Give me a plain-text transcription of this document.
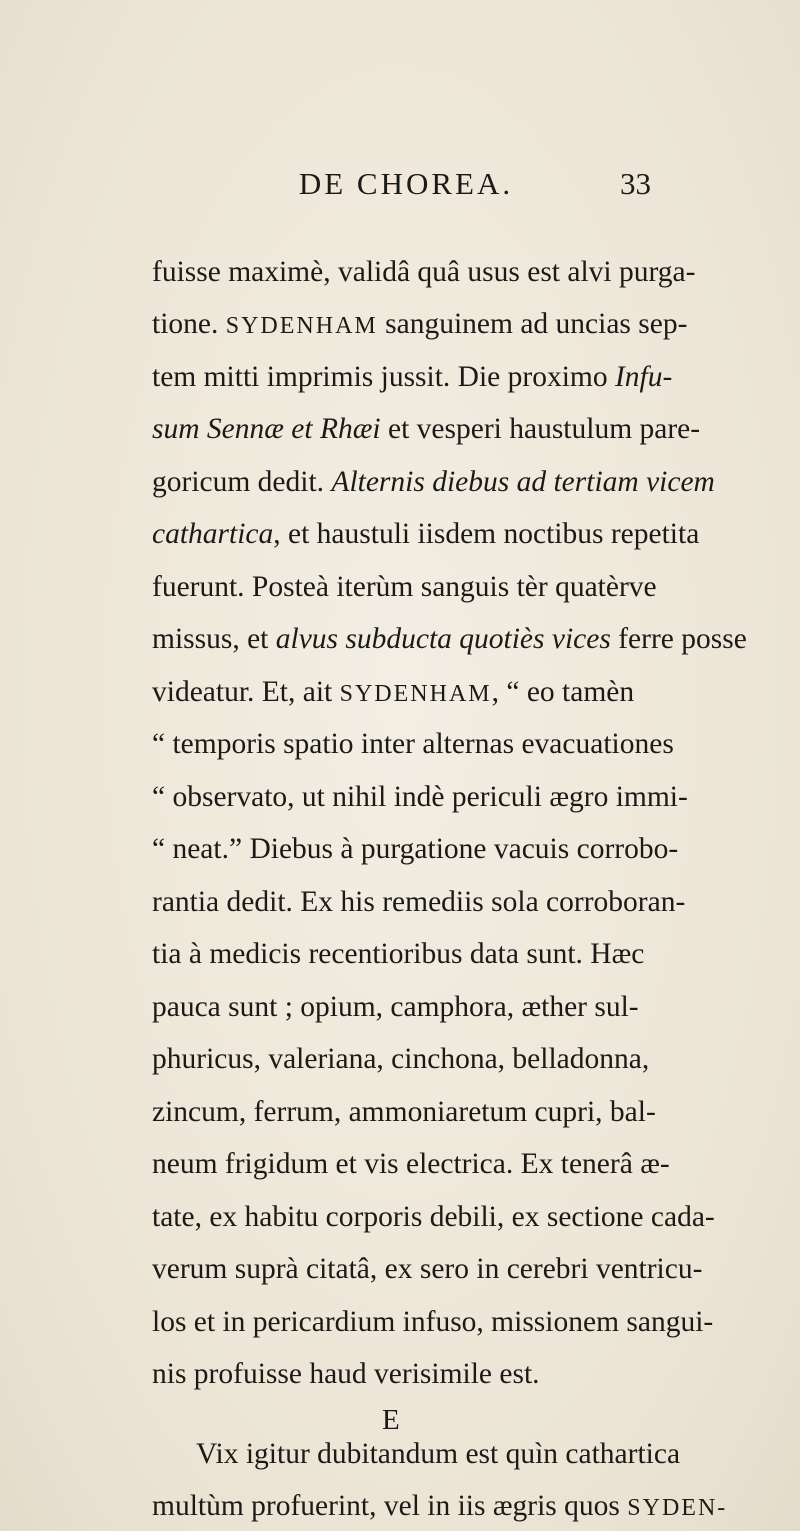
DE CHOREA.	33
fuisse maximè, validâ quâ usus est alvi purga-
tione. SYDENHAM sanguinem ad uncias sep-
tem mitti imprimis jussit. Die proximo Infu-
sum Sennæ et Rhæi et vesperi haustulum pare-
goricum dedit. Alternis diebus ad tertiam vicem
cathartica, et haustuli iisdem noctibus repetita
fuerunt. Posteà iterùm sanguis tèr quatèrve
missus, et alvus subducta quotiès vices ferre posse
videatur. Et, ait SYDENHAM, “ eo tamèn
“ temporis spatio inter alternas evacuationes
“ observato, ut nihil indè periculi ægro immi-
“ neat.” Diebus à purgatione vacuis corrobo-
rantia dedit. Ex his remediis sola corroboran-
tia à medicis recentioribus data sunt. Hæc
pauca sunt ; opium, camphora, æther sul-
phuricus, valeriana, cinchona, belladonna,
zincum, ferrum, ammoniaretum cupri, bal-
neum frigidum et vis electrica. Ex tenerâ æ-
tate, ex habitu corporis debili, ex sectione cada-
verum suprà citatâ, ex sero in cerebri ventricu-
los et in pericardium infuso, missionem sangui-
nis profuisse haud verisimile est.
Vix igitur dubitandum est quìn cathartica
multùm profuerint, vel in iis ægris quos SYDEN-
E
